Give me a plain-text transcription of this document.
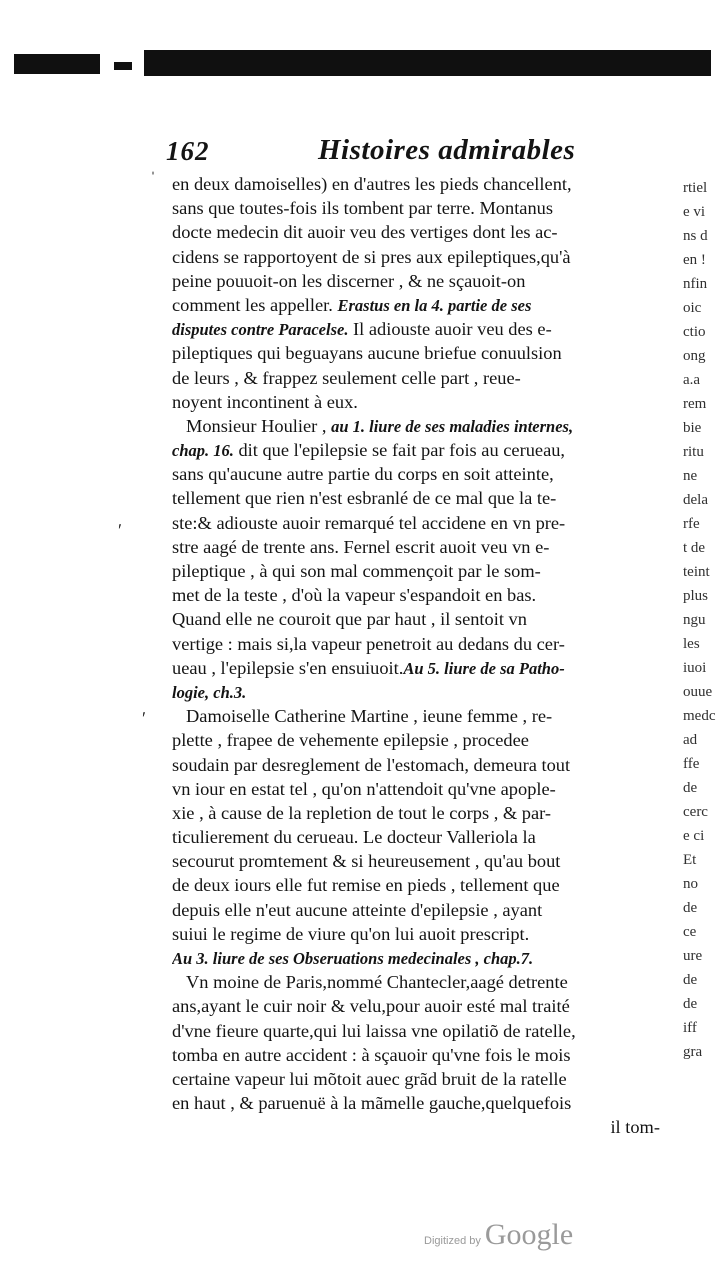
162	Histoires admirables
en deux damoiselles) en d'autres les pieds chancellent,
sans que toutes-fois ils tombent par terre. Montanus
docte medecin dit auoir veu des vertiges dont les ac-
cidens se rapportoyent de si pres aux epileptiques,qu'à
peine pouuoit-on les discerner , & ne sçauoit-on
comment les appeller. Erastus en la 4. partie de ses
disputes contre Paracelse. Il adiouste auoir veu des e-
pileptiques qui beguayans aucune briefue conuulsion
de leurs , & frappez seulement celle part , reue-
noyent incontinent à eux.
Monsieur Houlier , au 1. liure de ses maladies internes,
chap. 16. dit que l'epilepsie se fait par fois au cerueau,
sans qu'aucune autre partie du corps en soit atteinte,
tellement que rien n'est esbranlé de ce mal que la te-
ste:& adiouste auoir remarqué tel accidene en vn pre-
stre aagé de trente ans. Fernel escrit auoit veu vn e-
pileptique , à qui son mal commençoit par le som-
met de la teste , d'où la vapeur s'espandoit en bas.
Quand elle ne couroit que par haut , il sentoit vn
vertige : mais si,la vapeur penetroit au dedans du cer-
ueau , l'epilepsie s'en ensuiuoit.Au 5. liure de sa Patho-
logie, ch.3.
Damoiselle Catherine Martine , ieune femme , re-
plette , frapee de vehemente epilepsie , procedee
soudain par desreglement de l'estomach, demeura tout
vn iour en estat tel , qu'on n'attendoit qu'vne apople-
xie , à cause de la repletion de tout le corps , & par-
ticulierement du cerueau. Le docteur Valleriola la
secourut promtement & si heureusement , qu'au bout
de deux iours elle fut remise en pieds , tellement que
depuis elle n'eut aucune atteinte d'epilepsie , ayant
suiui le regime de viure qu'on lui auoit prescript.
Au 3. liure de ses Obseruations medecinales , chap.7.
Vn moine de Paris,nommé Chantecler,aagé detrente
ans,ayant le cuir noir & velu,pour auoir esté mal traité
d'vne fieure quarte,qui lui laissa vne opilatiõ de ratelle,
tomba en autre accident : à sçauoir qu'vne fois le mois
certaine vapeur lui mõtoit auec grãd bruit de la ratelle
en haut , & paruenuë à la mãmelle gauche,quelquefois
il tom-
ˈ
ʹ
ʹ
rtiel
e vi
ns d
en !
nfin
oic
ctio
ong
a.a
rem
bie
ritu
ne
dela
rfe
t de
teint
plus
ngu
les
iuoi
ouue
medc
ad
ffe
de
cerc
e ci
Et
no
de
ce
ure
de
de
iff
gra
Digitized by Google
